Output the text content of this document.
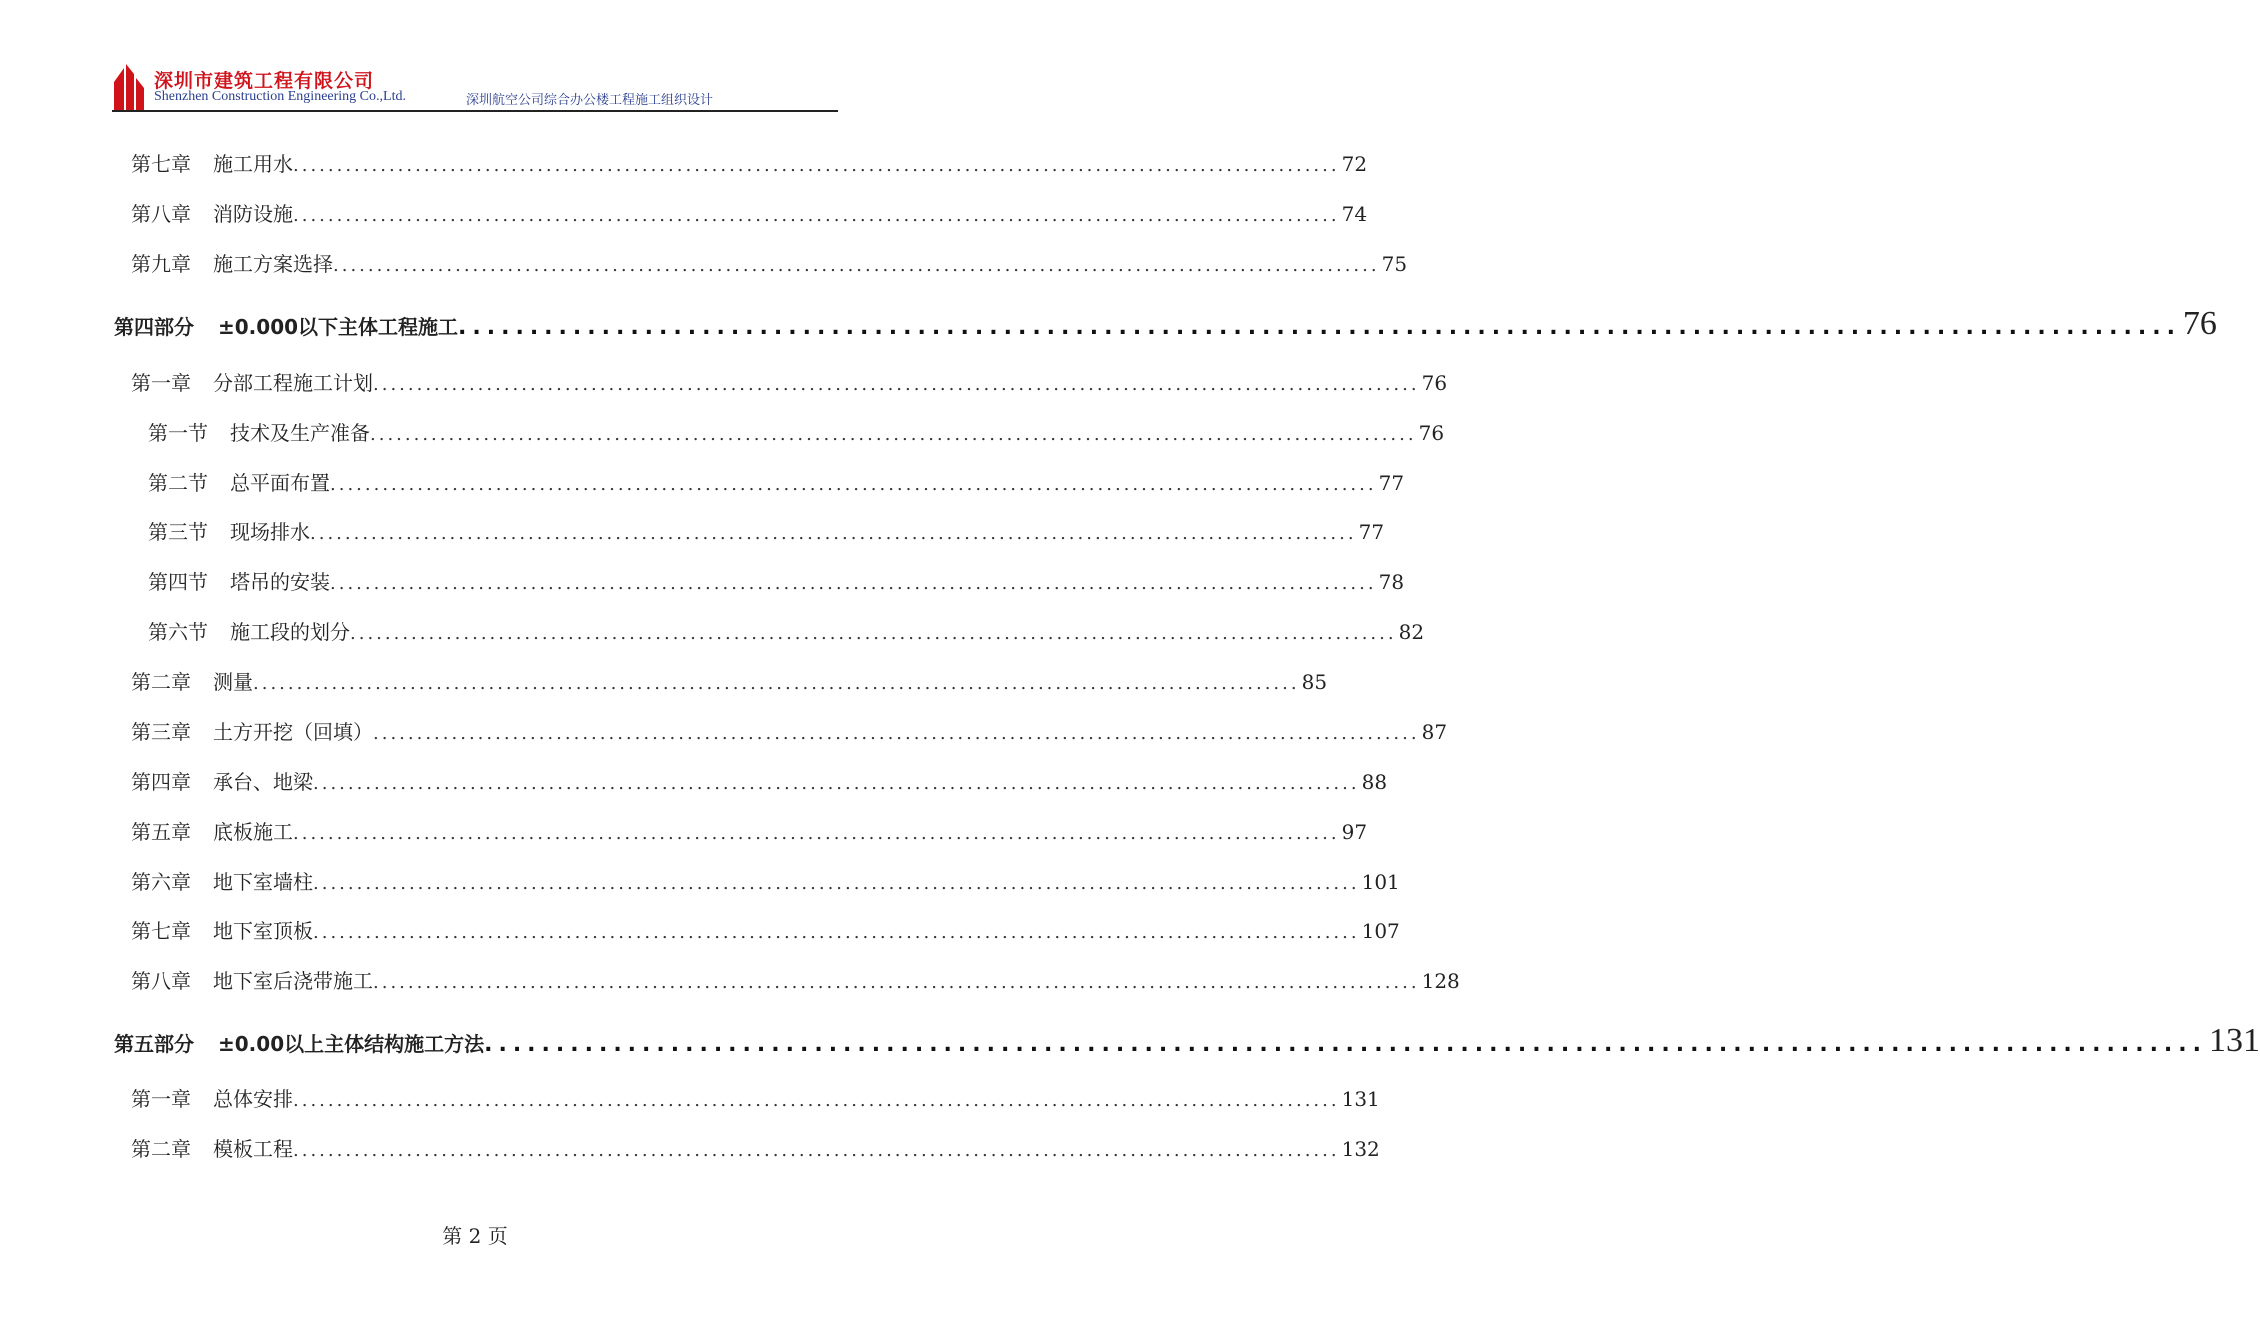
深圳市建筑工程有限公司
Shenzhen Construction Engineering Co.,Ltd.	深圳航空公司综合办公楼工程施工组织设计
第七章 施工用水 ........................................................................................................................ 72
第八章 消防设施 ........................................................................................................................ 74
第九章 施工方案选择 ........................................................................................................................ 75
第四部分 ±0.000以下主体工程施工 ........................................................................................................................ 76
第一章 分部工程施工计划 ........................................................................................................................ 76
第一节 技术及生产准备 ........................................................................................................................ 76
第二节 总平面布置 ........................................................................................................................ 77
第三节 现场排水 ........................................................................................................................ 77
第四节 塔吊的安装 ........................................................................................................................ 78
第六节 施工段的划分 ........................................................................................................................ 82
第二章 测量 ........................................................................................................................ 85
第三章 土方开挖（回填） ........................................................................................................................ 87
第四章 承台、地梁 ........................................................................................................................ 88
第五章 底板施工 ........................................................................................................................ 97
第六章 地下室墙柱 ........................................................................................................................ 101
第七章 地下室顶板 ........................................................................................................................ 107
第八章 地下室后浇带施工 ........................................................................................................................ 128
第五部分 ±0.00以上主体结构施工方法 ........................................................................................................................ 131
第一章 总体安排 ........................................................................................................................ 131
第二章 模板工程 ........................................................................................................................ 132
第 2 页
